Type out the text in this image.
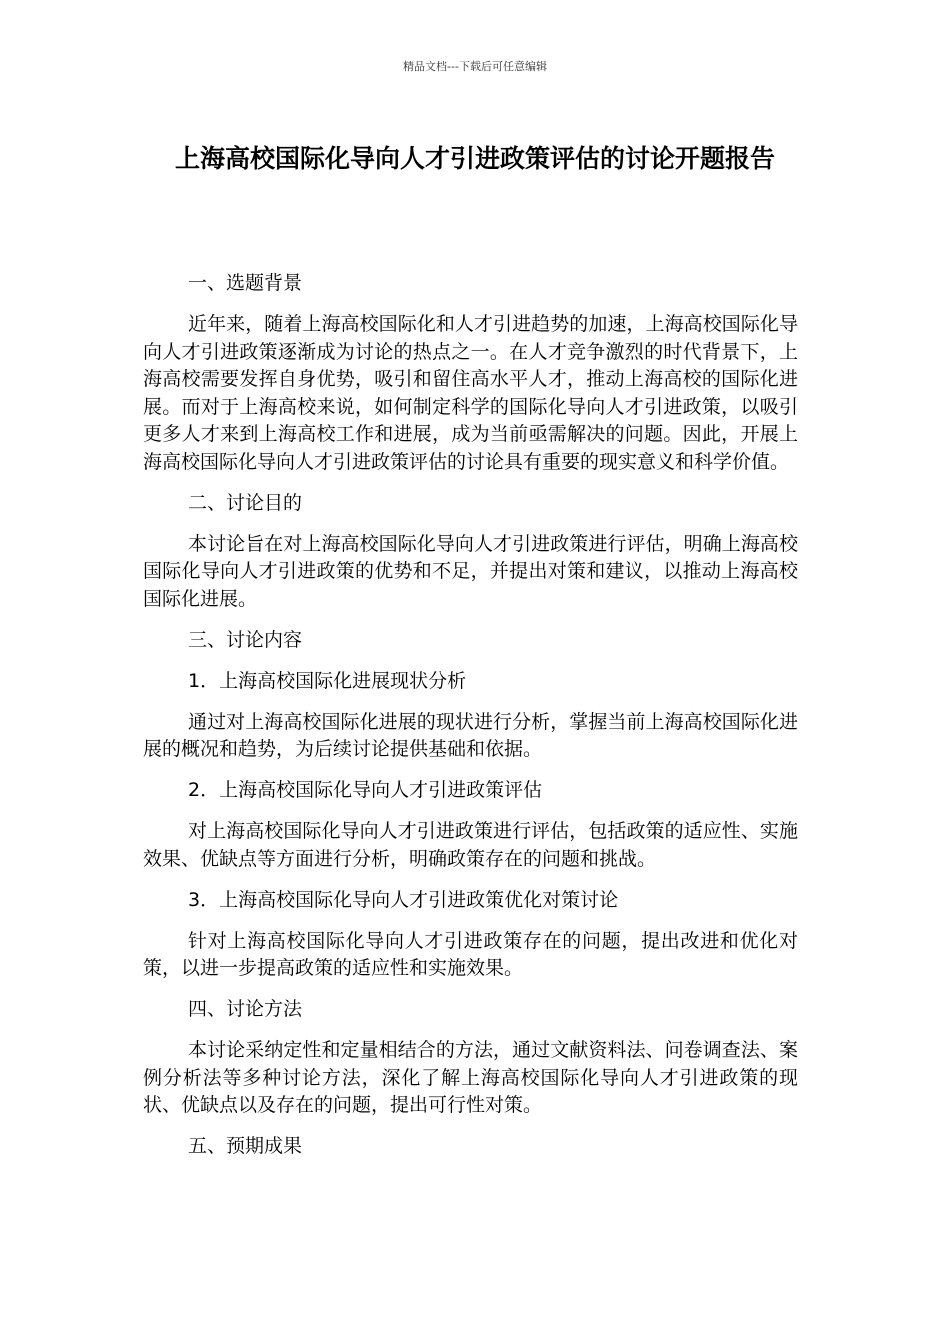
精品文档---下载后可任意编辑
上海高校国际化导向人才引进政策评估的讨论开题报告

一、选题背景

近年来，随着上海高校国际化和人才引进趋势的加速，上海高校国际化导向人才引进政策逐渐成为讨论的热点之一。在人才竞争激烈的时代背景下，上海高校需要发挥自身优势，吸引和留住高水平人才，推动上海高校的国际化进展。而对于上海高校来说，如何制定科学的国际化导向人才引进政策，以吸引更多人才来到上海高校工作和进展，成为当前亟需解决的问题。因此，开展上海高校国际化导向人才引进政策评估的讨论具有重要的现实意义和科学价值。

二、讨论目的

本讨论旨在对上海高校国际化导向人才引进政策进行评估，明确上海高校国际化导向人才引进政策的优势和不足，并提出对策和建议，以推动上海高校国际化进展。

三、讨论内容

1．上海高校国际化进展现状分析

通过对上海高校国际化进展的现状进行分析，掌握当前上海高校国际化进展的概况和趋势，为后续讨论提供基础和依据。

2．上海高校国际化导向人才引进政策评估

对上海高校国际化导向人才引进政策进行评估，包括政策的适应性、实施效果、优缺点等方面进行分析，明确政策存在的问题和挑战。

3．上海高校国际化导向人才引进政策优化对策讨论

针对上海高校国际化导向人才引进政策存在的问题，提出改进和优化对策，以进一步提高政策的适应性和实施效果。

四、讨论方法

本讨论采纳定性和定量相结合的方法，通过文献资料法、问卷调查法、案例分析法等多种讨论方法，深化了解上海高校国际化导向人才引进政策的现状、优缺点以及存在的问题，提出可行性对策。

五、预期成果
